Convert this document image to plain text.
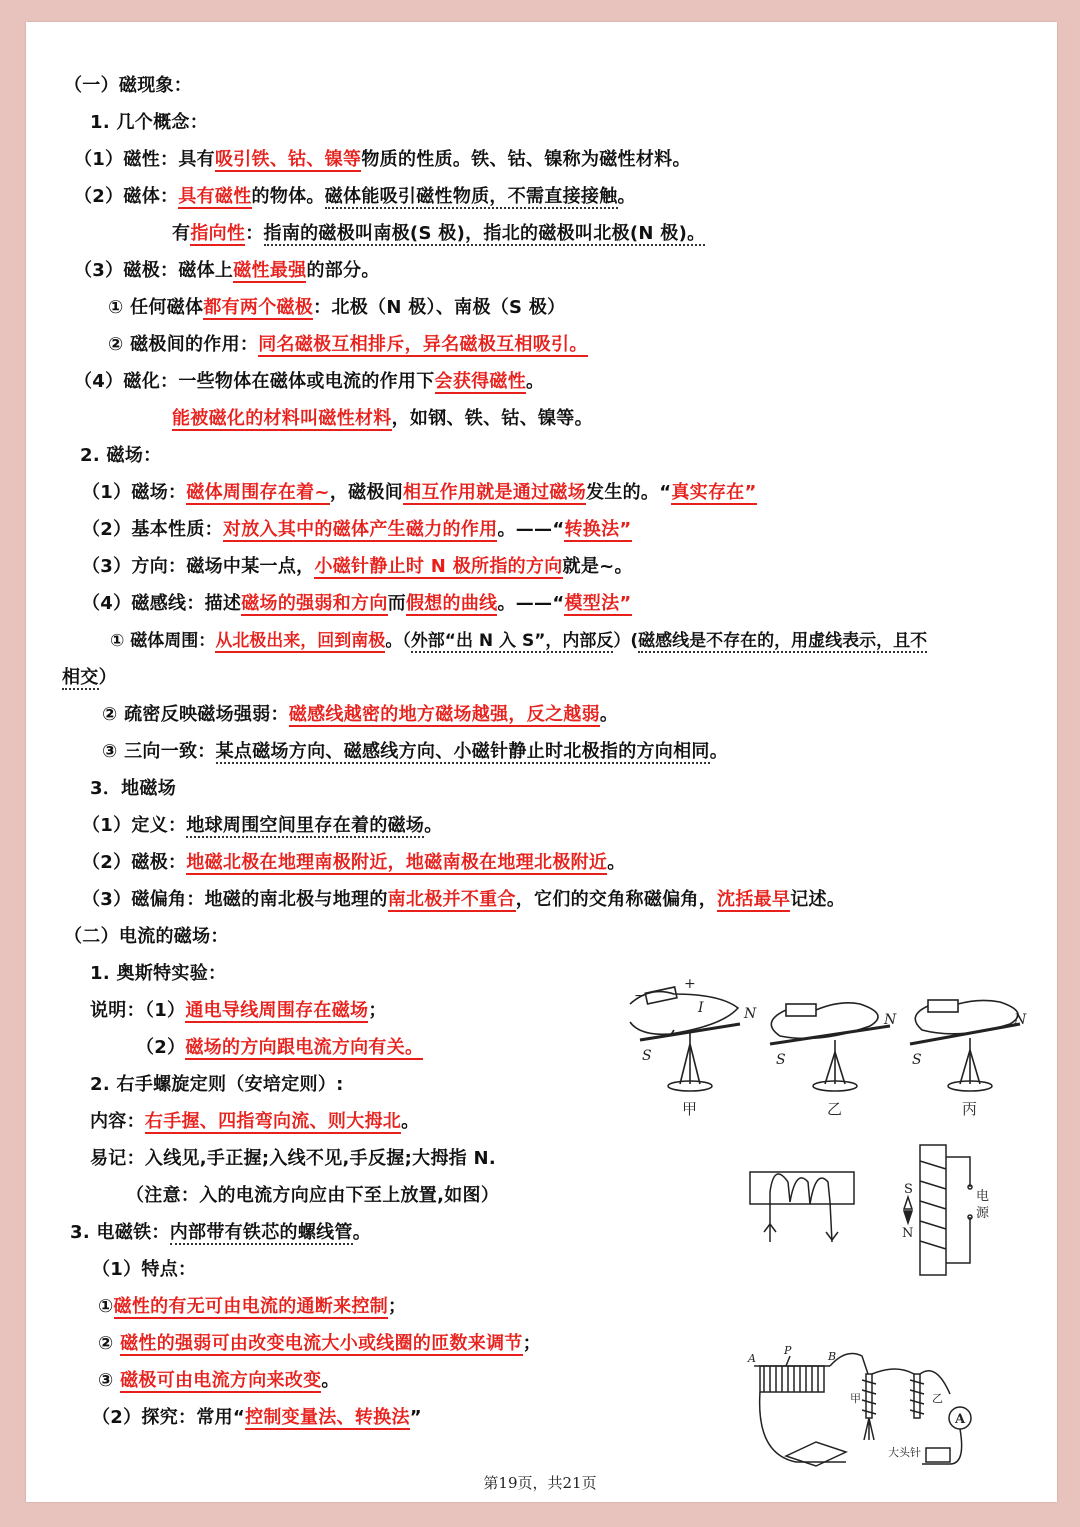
（一）磁现象：
1. 几个概念：
（1）磁性：具有吸引铁、钴、镍等物质的性质。铁、钴、镍称为磁性材料。
（2）磁体：具有磁性的物体。磁体能吸引磁性物质，不需直接接触。
有指向性：指南的磁极叫南极(S 极)，指北的磁极叫北极(N 极)。
（3）磁极：磁体上磁性最强的部分。
① 任何磁体都有两个磁极：北极（N 极）、南极（S 极）
② 磁极间的作用：同名磁极互相排斥，异名磁极互相吸引。
（4）磁化：一些物体在磁体或电流的作用下会获得磁性。
能被磁化的材料叫磁性材料，如钢、铁、钴、镍等。
2. 磁场：
（1）磁场：磁体周围存在着~，磁极间相互作用就是通过磁场发生的。“真实存在”
（2）基本性质：对放入其中的磁体产生磁力的作用。——“转换法”
（3）方向：磁场中某一点，小磁针静止时 N 极所指的方向就是~。
（4）磁感线：描述磁场的强弱和方向而假想的曲线。——“模型法”
① 磁体周围：从北极出来，回到南极。（外部“出 N 入 S”，内部反）(磁感线是不存在的，用虚线表示，且不
相交）
② 疏密反映磁场强弱：磁感线越密的地方磁场越强，反之越弱。
③ 三向一致：某点磁场方向、磁感线方向、小磁针静止时北极指的方向相同。
3．地磁场
（1）定义：地球周围空间里存在着的磁场。
（2）磁极：地磁北极在地理南极附近，地磁南极在地理北极附近。
（3）磁偏角：地磁的南北极与地理的南北极并不重合，它们的交角称磁偏角，沈括最早记述。
（二）电流的磁场：
1. 奥斯特实验：
说明：（1）通电导线周围存在磁场；
（2）磁场的方向跟电流方向有关。
2. 右手螺旋定则（安培定则）:
内容：右手握、四指弯向流、则大拇北。
易记：入线见,手正握;入线不见,手反握;大拇指 N.
（注意：入的电流方向应由下至上放置,如图）
3. 电磁铁：内部带有铁芯的螺线管。
（1）特点：
①磁性的有无可由电流的通断来控制；
② 磁性的强弱可由改变电流大小或线圈的匝数来调节；
③ 磁极可由电流方向来改变。
（2）探究：常用“控制变量法、转换法”
I	N
S
+
−
N
S
N
S
甲	乙	丙
S
N
电
源
A
P	B
甲	乙
大头针
A
第19页，共21页
